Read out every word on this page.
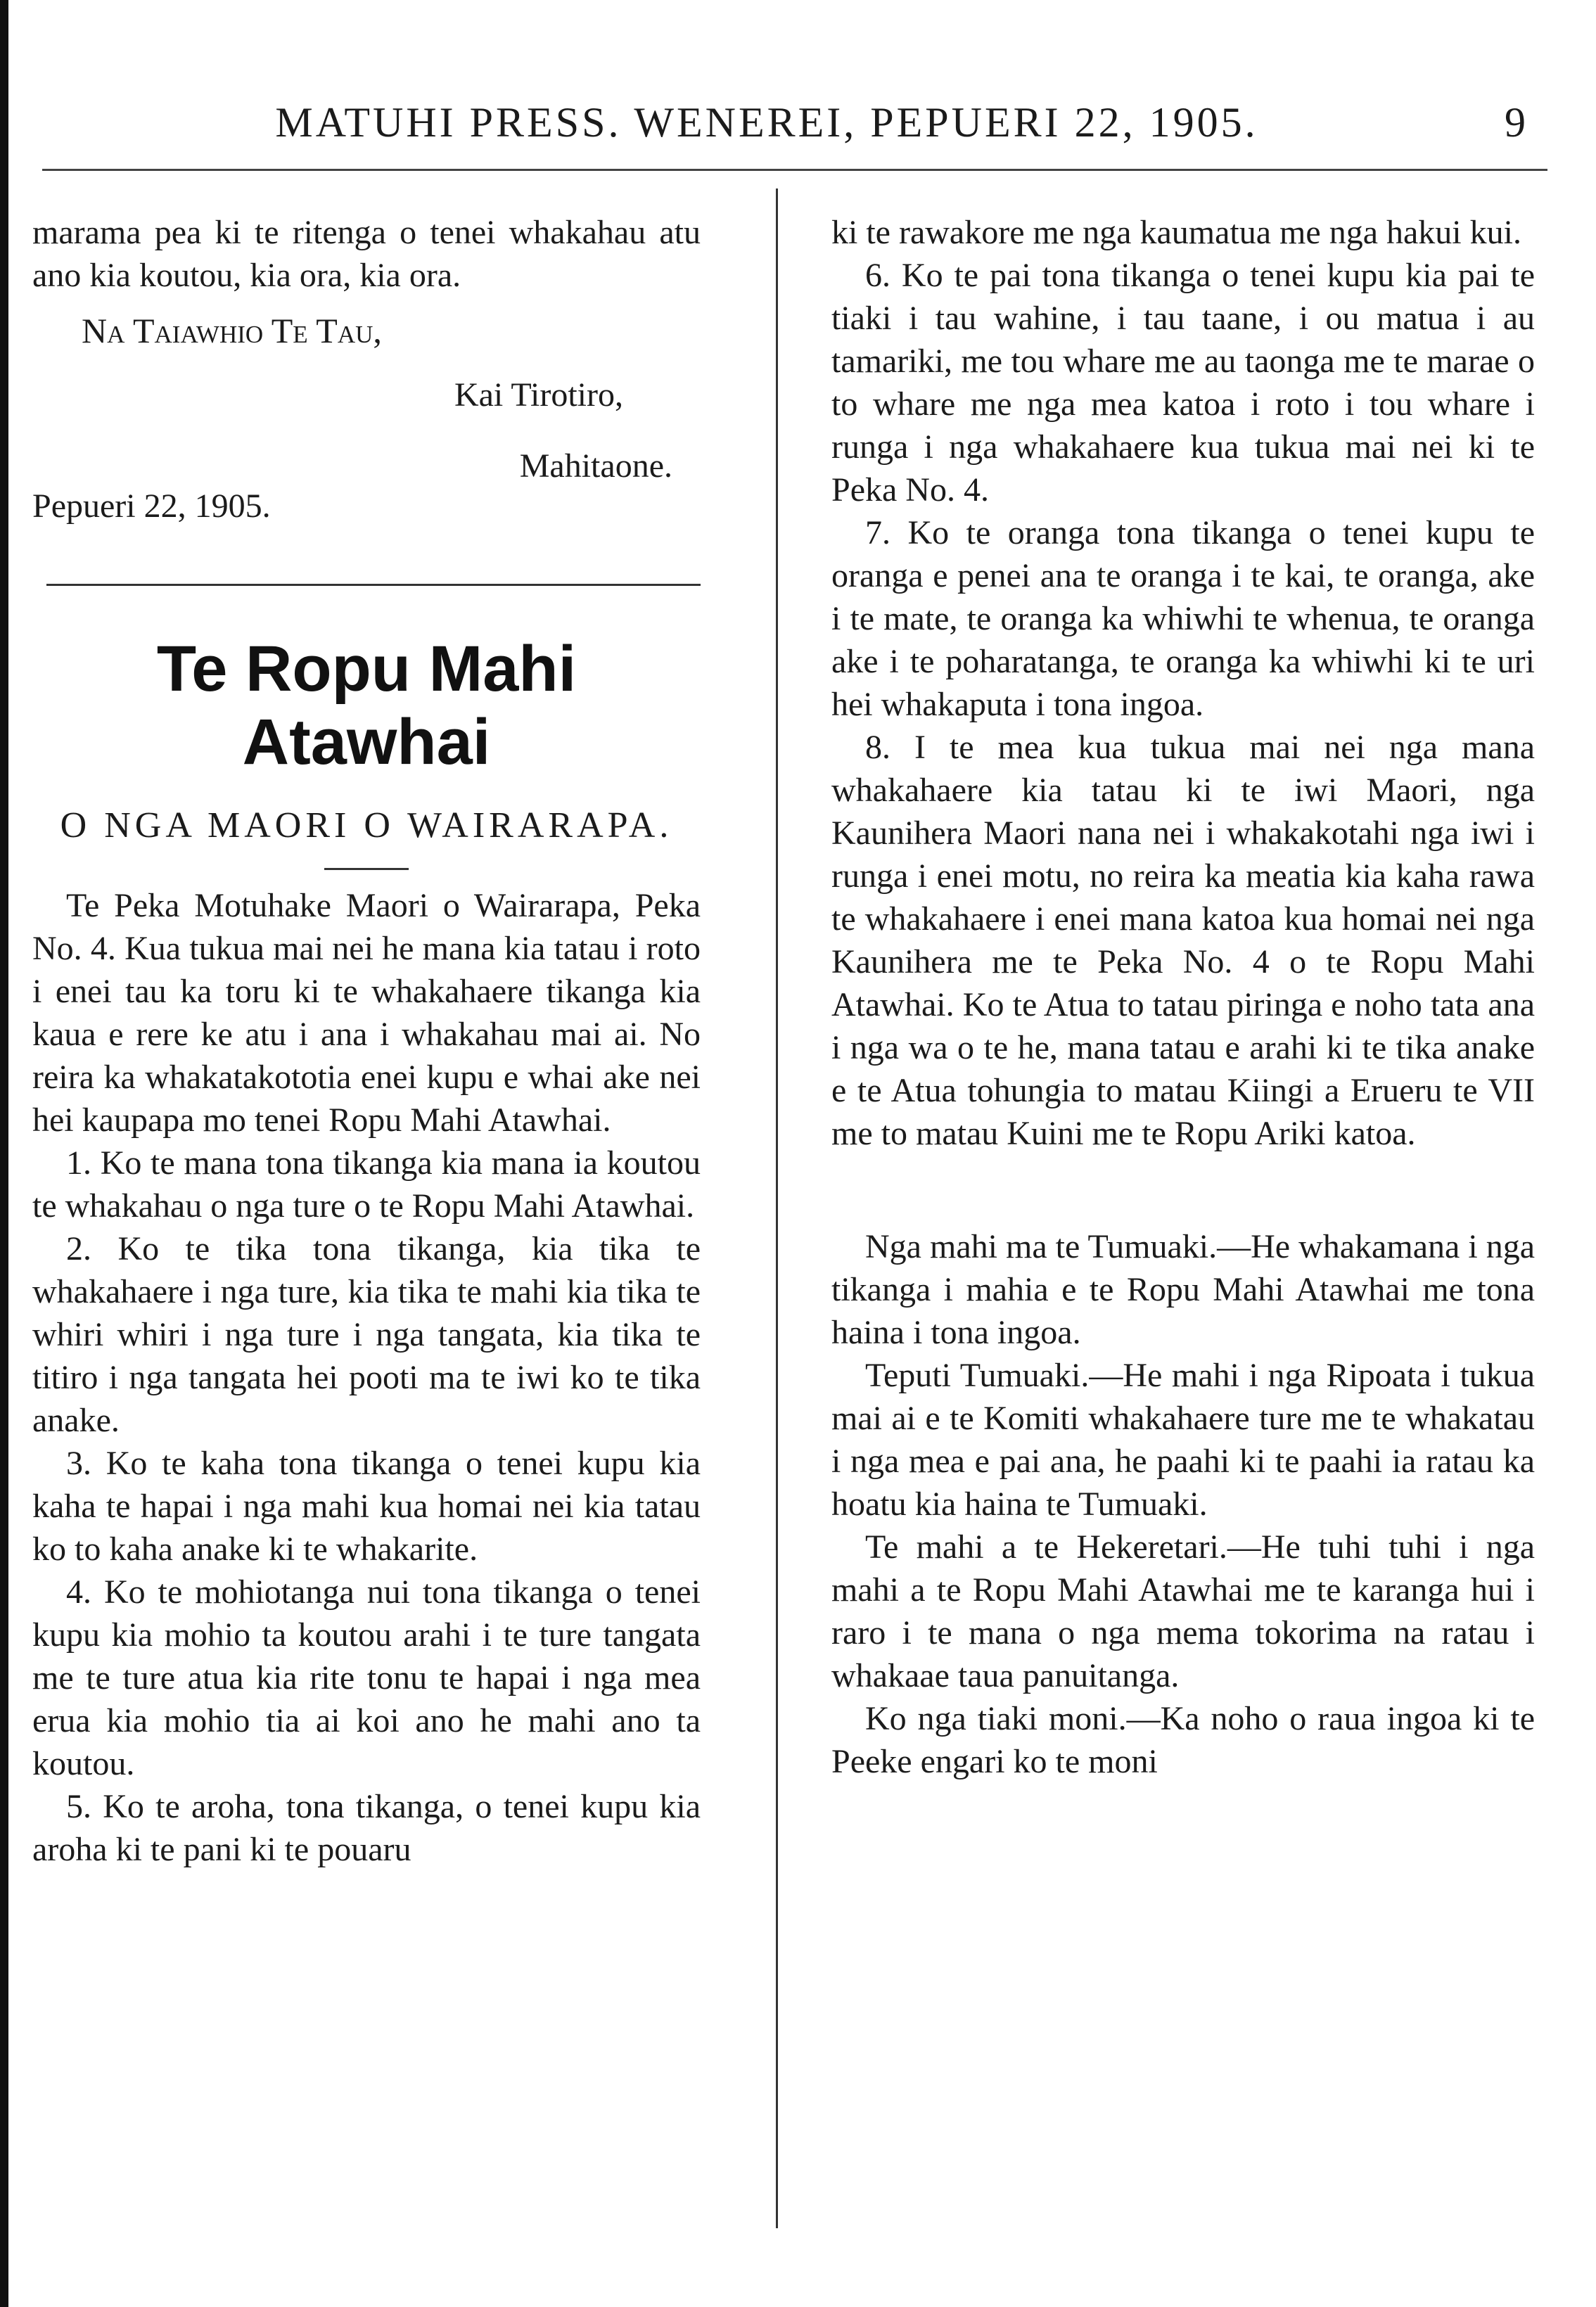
MATUHI PRESS. WENEREI, PEPUERI 22, 1905.	9

marama pea ki te ritenga o tenei whakahau atu ano kia koutou, kia ora, kia ora.

Na Taiawhio Te Tau,
Kai Tirotiro,
Mahitaone.
Pepueri 22, 1905.
Te Ropu Mahi Atawhai
O NGA MAORI O WAIRARAPA.

Te Peka Motuhake Maori o Wairarapa, Peka No. 4. Kua tukua mai nei he mana kia tatau i roto i enei tau ka toru ki te whakahaere tikanga kia kaua e rere ke atu i ana i whakahau mai ai. No reira ka whakatakototia enei kupu e whai ake nei hei kaupapa mo tenei Ropu Mahi Atawhai.

1. Ko te mana tona tikanga kia mana ia koutou te whakahau o nga ture o te Ropu Mahi Atawhai.

2. Ko te tika tona tikanga, kia tika te whakahaere i nga ture, kia tika te mahi kia tika te whiri whiri i nga ture i nga tangata, kia tika te titiro i nga tangata hei pooti ma te iwi ko te tika anake.

3. Ko te kaha tona tikanga o tenei kupu kia kaha te hapai i nga mahi kua homai nei kia tatau ko to kaha anake ki te whakarite.

4. Ko te mohiotanga nui tona tikanga o tenei kupu kia mohio ta koutou arahi i te ture tangata me te ture atua kia rite tonu te hapai i nga mea erua kia mohio tia ai koi ano he mahi ano ta koutou.

5. Ko te aroha, tona tikanga, o tenei kupu kia aroha ki te pani ki te pouaru

ki te rawakore me nga kaumatua me nga hakui kui.

6. Ko te pai tona tikanga o tenei kupu kia pai te tiaki i tau wahine, i tau taane, i ou matua i au tamariki, me tou whare me au taonga me te marae o to whare me nga mea katoa i roto i tou whare i runga i nga whakahaere kua tukua mai nei ki te Peka No. 4.

7. Ko te oranga tona tikanga o tenei kupu te oranga e penei ana te oranga i te kai, te oranga, ake i te mate, te oranga ka whiwhi te whenua, te oranga ake i te poharatanga, te oranga ka whiwhi ki te uri hei whakaputa i tona ingoa.

8. I te mea kua tukua mai nei nga mana whakahaere kia tatau ki te iwi Maori, nga Kaunihera Maori nana nei i whakakotahi nga iwi i runga i enei motu, no reira ka meatia kia kaha rawa te whakahaere i enei mana katoa kua homai nei nga Kaunihera me te Peka No. 4 o te Ropu Mahi Atawhai. Ko te Atua to tatau piringa e noho tata ana i nga wa o te he, mana tatau e arahi ki te tika anake e te Atua tohungia to matau Kiingi a Erueru te VII me to matau Kuini me te Ropu Ariki katoa.

Nga mahi ma te Tumuaki.—He whakamana i nga tikanga i mahia e te Ropu Mahi Atawhai me tona haina i tona ingoa.

Teputi Tumuaki.—He mahi i nga Ripoata i tukua mai ai e te Komiti whakahaere ture me te whakatau i nga mea e pai ana, he paahi ki te paahi ia ratau ka hoatu kia haina te Tumuaki.

Te mahi a te Hekeretari.—He tuhi tuhi i nga mahi a te Ropu Mahi Atawhai me te karanga hui i raro i te mana o nga mema tokorima na ratau i whakaae taua panuitanga.

Ko nga tiaki moni.—Ka noho o raua ingoa ki te Peeke engari ko te moni
